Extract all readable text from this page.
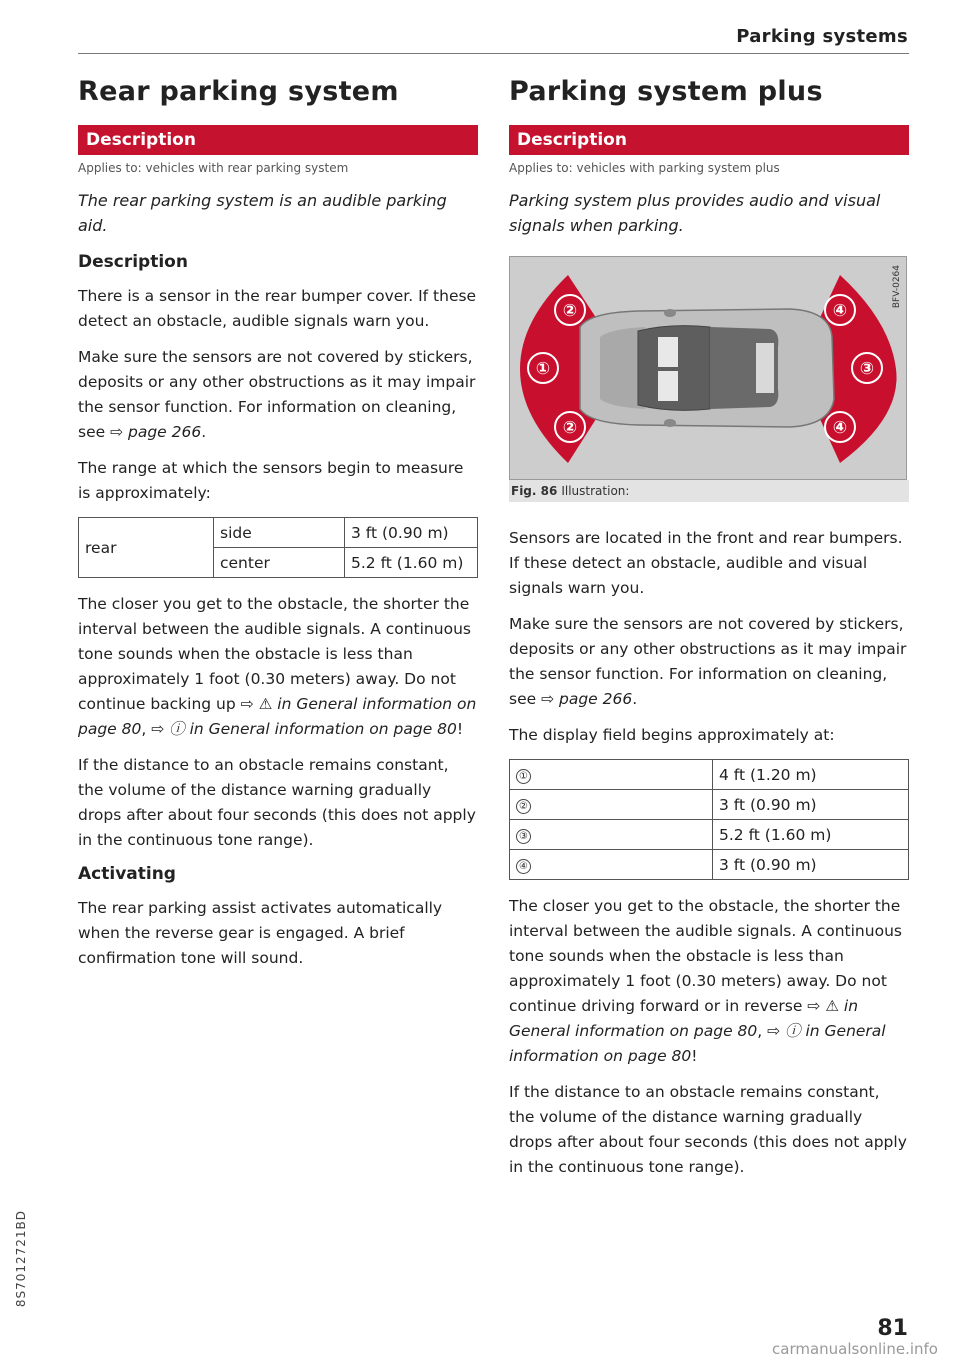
Parking systems
Rear parking system
Description
Applies to: vehicles with rear parking system
The rear parking system is an audible parking aid.
Description

There is a sensor in the rear bumper cover. If these detect an obstacle, audible signals warn you.

Make sure the sensors are not covered by stickers, deposits or any other obstructions as it may impair the sensor function. For information on cleaning, see ⇨ page 266.

The range at which the sensors begin to measure is approximately:

rear	side	3 ft (0.90 m)
	center	5.2 ft (1.60 m)

The closer you get to the obstacle, the shorter the interval between the audible signals. A continuous tone sounds when the obstacle is less than approximately 1 foot (0.30 meters) away. Do not continue backing up ⇨ ⚠ in General information on page 80, ⇨ ⓘ in General information on page 80!

If the distance to an obstacle remains constant, the volume of the distance warning gradually drops after about four seconds (this does not apply in the continuous tone range).

Activating

The rear parking assist activates automatically when the reverse gear is engaged. A brief confirmation tone will sound.

Parking system plus
Description
Applies to: vehicles with parking system plus
Parking system plus provides audio and visual signals when parking.
①
②
②
③
④
④
BFV-0264
Fig. 86 Illustration:

Sensors are located in the front and rear bumpers. If these detect an obstacle, audible and visual signals warn you.

Make sure the sensors are not covered by stickers, deposits or any other obstructions as it may impair the sensor function. For information on cleaning, see ⇨ page 266.

The display field begins approximately at:

①	4 ft (1.20 m)
②	3 ft (0.90 m)
③	5.2 ft (1.60 m)
④	3 ft (0.90 m)

The closer you get to the obstacle, the shorter the interval between the audible signals. A continuous tone sounds when the obstacle is less than approximately 1 foot (0.30 meters) away. Do not continue driving forward or in reverse ⇨ ⚠ in General information on page 80, ⇨ ⓘ in General information on page 80!

If the distance to an obstacle remains constant, the volume of the distance warning gradually drops after about four seconds (this does not apply in the continuous tone range).

8S7012721BD
81
carmanualsonline.info
